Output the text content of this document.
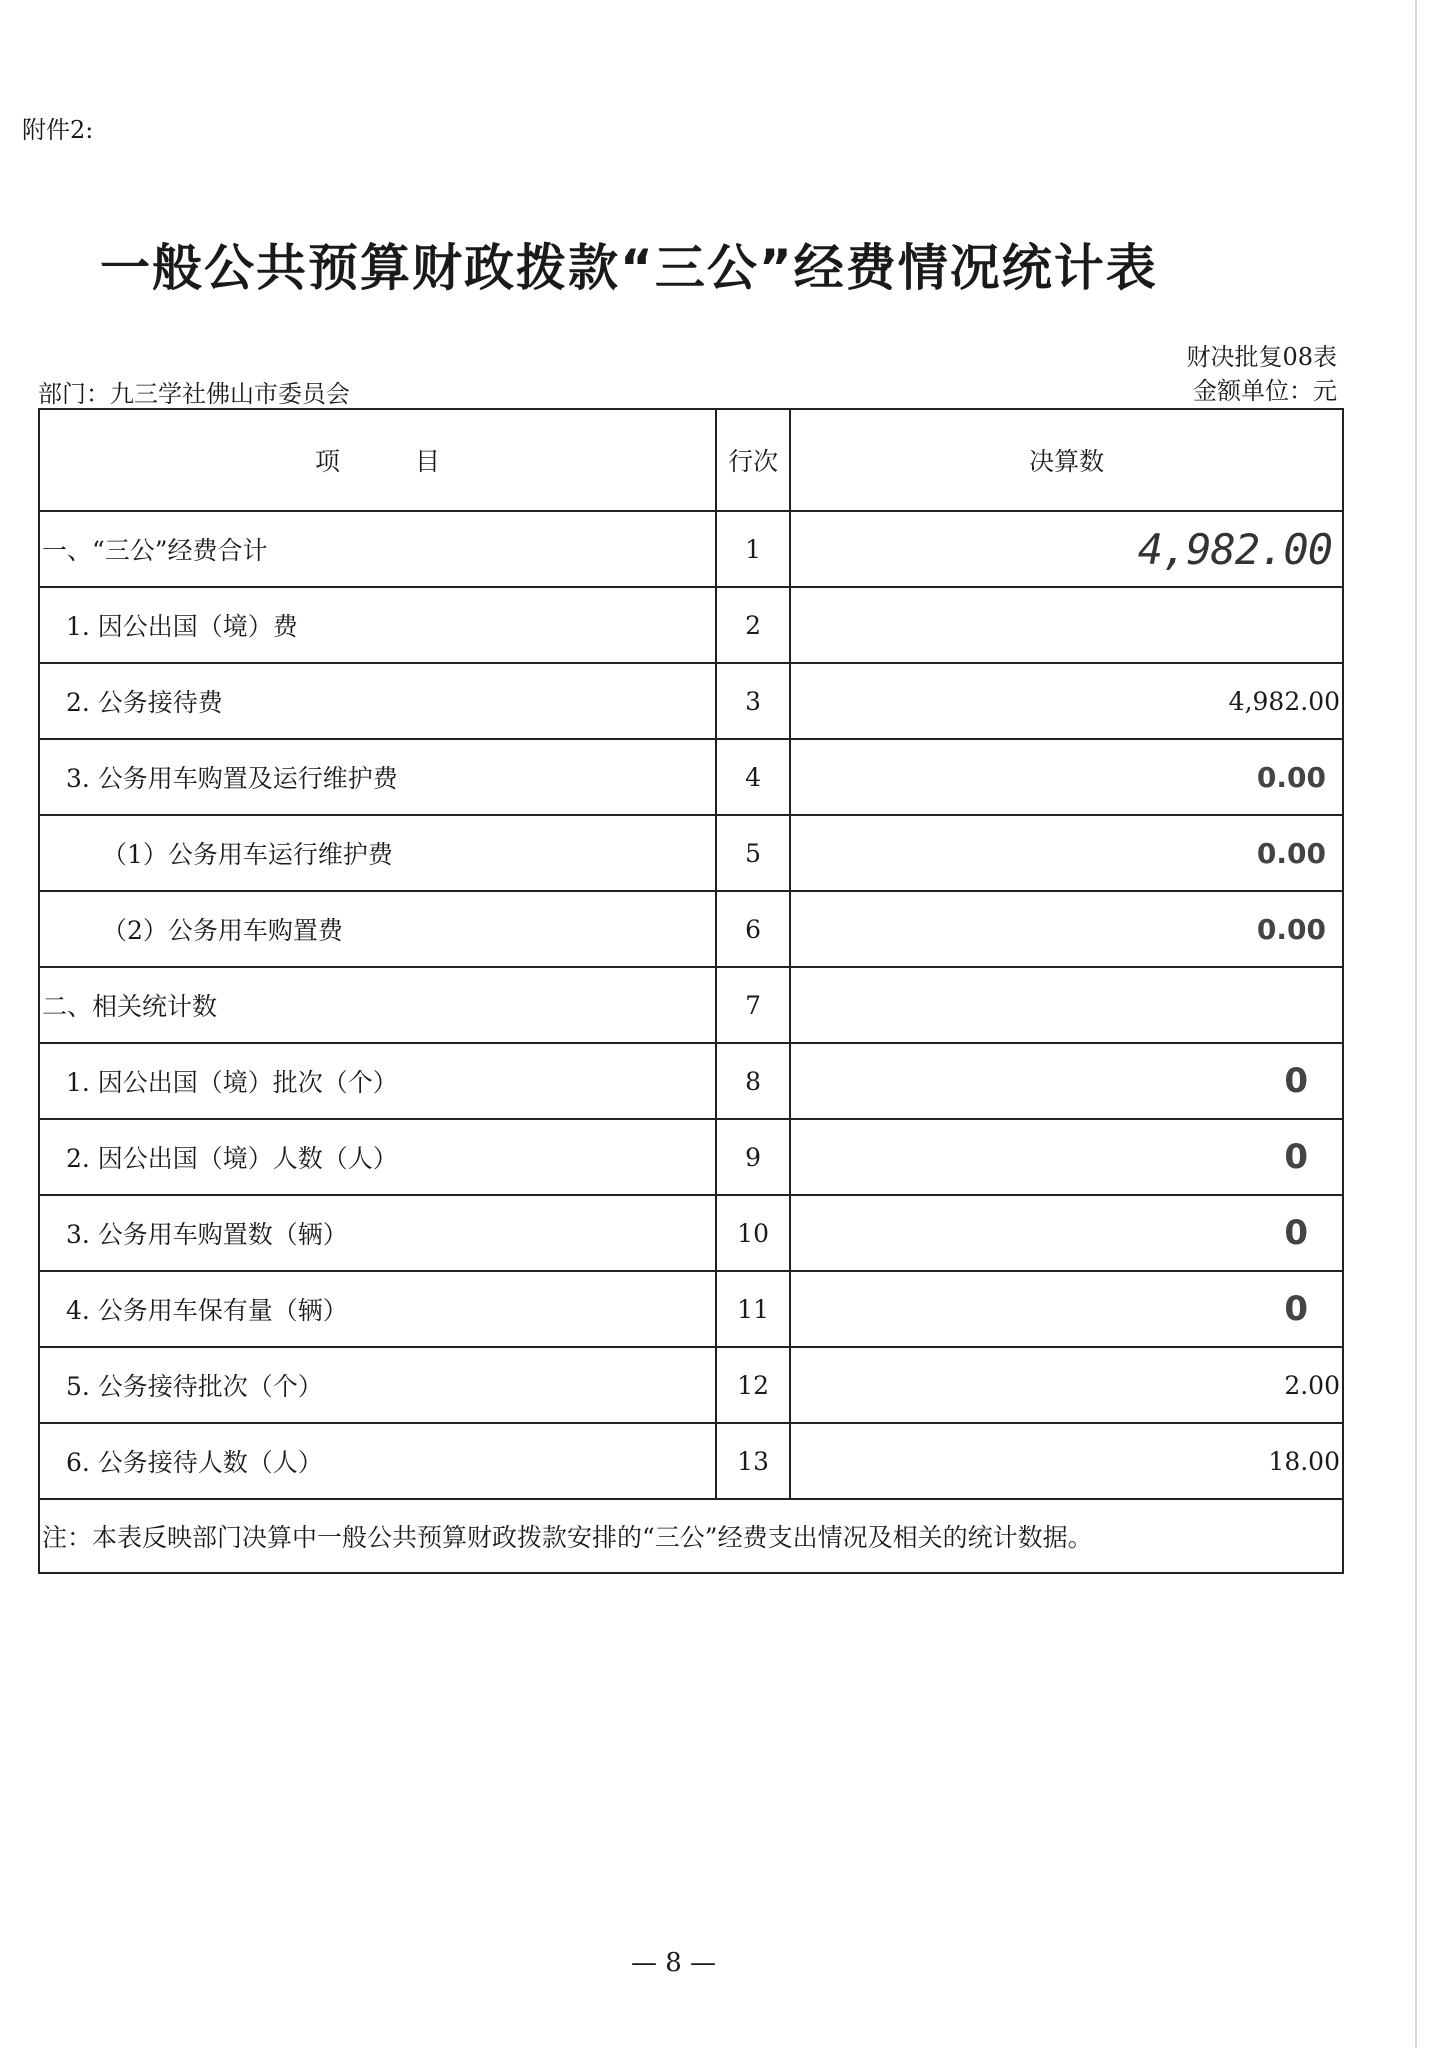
附件2:
一般公共预算财政拨款“三公”经费情况统计表
部门：九三学社佛山市委员会
财决批复08表
金额单位：元
项　　　目	行次	决算数
一、“三公”经费合计	1	4,982.00
1. 因公出国（境）费	2	
2. 公务接待费	3	4,982.00
3. 公务用车购置及运行维护费	4	0.00
（1）公务用车运行维护费	5	0.00
（2）公务用车购置费	6	0.00
二、相关统计数	7	
1. 因公出国（境）批次（个）	8	0
2. 因公出国（境）人数（人）	9	0
3. 公务用车购置数（辆）	10	0
4. 公务用车保有量（辆）	11	0
5. 公务接待批次（个）	12	2.00
6. 公务接待人数（人）	13	18.00
注：本表反映部门决算中一般公共预算财政拨款安排的“三公”经费支出情况及相关的统计数据。		
— 8 —
